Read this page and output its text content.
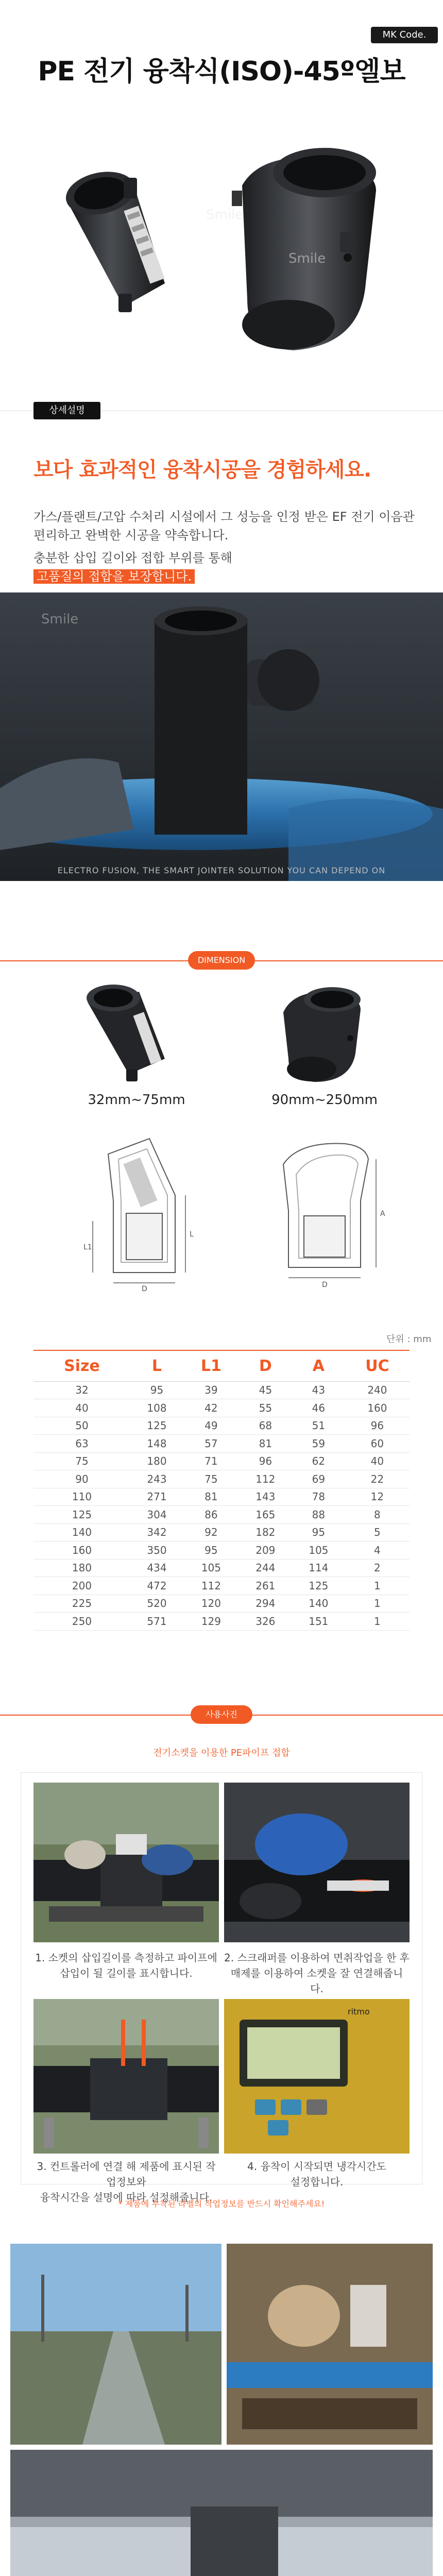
MK Code. 20362
PE 전기 융착식(ISO)-45º엘보
Smile
Smile
상세설명
보다 효과적인 융착시공을 경험하세요.
가스/플랜트/고압 수처리 시설에서 그 성능을 인정 받은 EF 전기 이음관
편리하고 완벽한 시공을 약속합니다.
충분한 삽입 길이와 접합 부위를 통해
고품질의 접합을 보장합니다.
Smile
ELECTRO FUSION, THE SMART JOINTER SOLUTION YOU CAN DEPEND ON
DIMENSION
32mm~75mm	90mm~250mm
L1
L
D
A
D
단위 : mm
Size	L	L1	D	A	UC
32	95	39	45	43	240
40	108	42	55	46	160
50	125	49	68	51	96
63	148	57	81	59	60
75	180	71	96	62	40
90	243	75	112	69	22
110	271	81	143	78	12
125	304	86	165	88	8
140	342	92	182	95	5
160	350	95	209	105	4
180	434	105	244	114	2
200	472	112	261	125	1
225	520	120	294	140	1
250	571	129	326	151	1
사용사진
전기소켓을 이용한 PE파이프 접합
1. 소켓의 삽입길이를 측정하고 파이프에
삽입이 될 길이를 표시합니다.
2. 스크래퍼를 이용하여 면취작업을 한 후
매제를 이용하여 소켓을 잘 연결해줍니다.
ritmo
3. 컨트롤러에 연결 해 제품에 표시된 작업정보와
융착시간을 설명에 따라 설정해줍니다.
4. 융착이 시작되면 냉각시간도
설정합니다.
* 제품에 부착된 라벨의 작업정보를 반드시 확인해주세요!
